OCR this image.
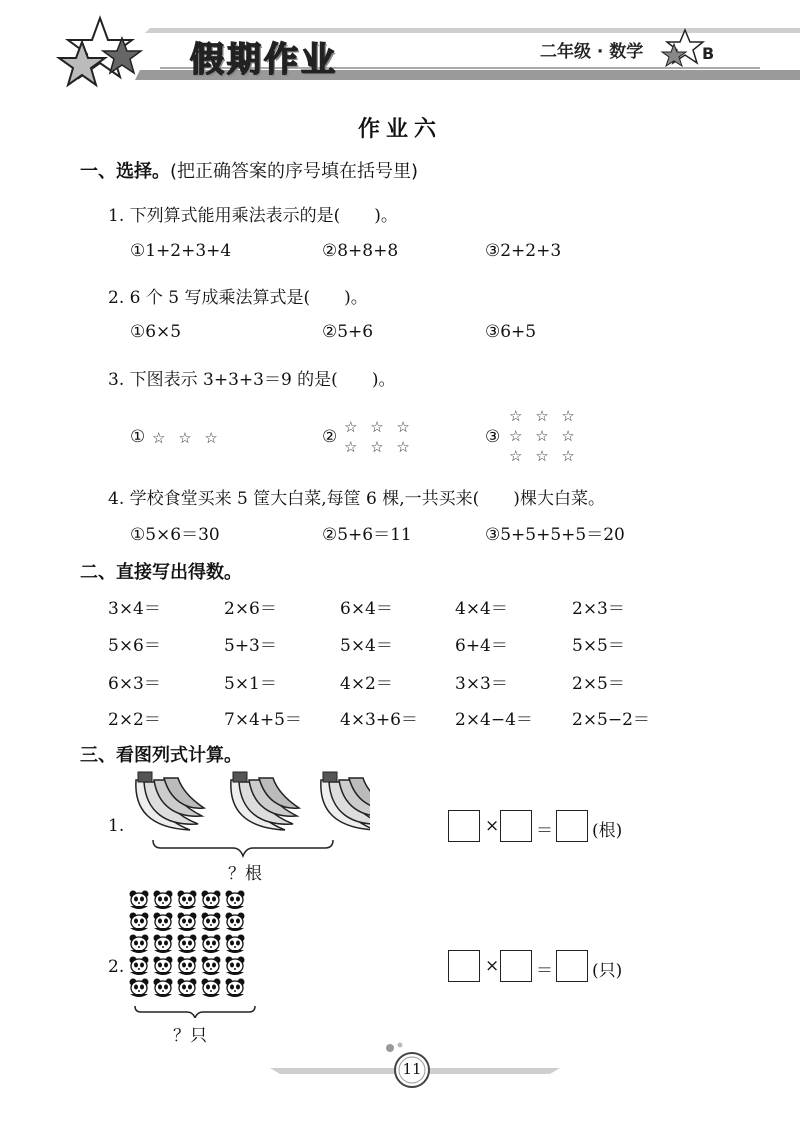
假期作业	二年级 · 数学	B
作业六
一、选择。(把正确答案的序号填在括号里)
1. 下列算式能用乘法表示的是(　　)。
①1+2+3+4	②8+8+8	③2+2+3
2. 6 个 5 写成乘法算式是(　　)。
①6×5	②5+6	③6+5
3. 下图表示 3+3+3＝9 的是(　　)。
① ☆ ☆ ☆	② ☆ ☆ ☆
☆ ☆ ☆	③
☆ ☆ ☆
☆ ☆ ☆
☆ ☆ ☆
4. 学校食堂买来 5 筐大白菜,每筐 6 棵,一共买来(　　)棵大白菜。
①5×6＝30	②5+6＝11	③5+5+5+5＝20
二、直接写出得数。
3×4＝	2×6＝	6×4＝	4×4＝	2×3＝
5×6＝	5+3＝	5×4＝	6+4＝	5×5＝
6×3＝	5×1＝	4×2＝	3×3＝	2×5＝
2×2＝	7×4+5＝ 4×3+6＝ 2×4−4＝ 2×5−2＝
三、看图列式计算。
1.
？根
× ＝ (根)
2.
？只
× ＝ (只)
11
